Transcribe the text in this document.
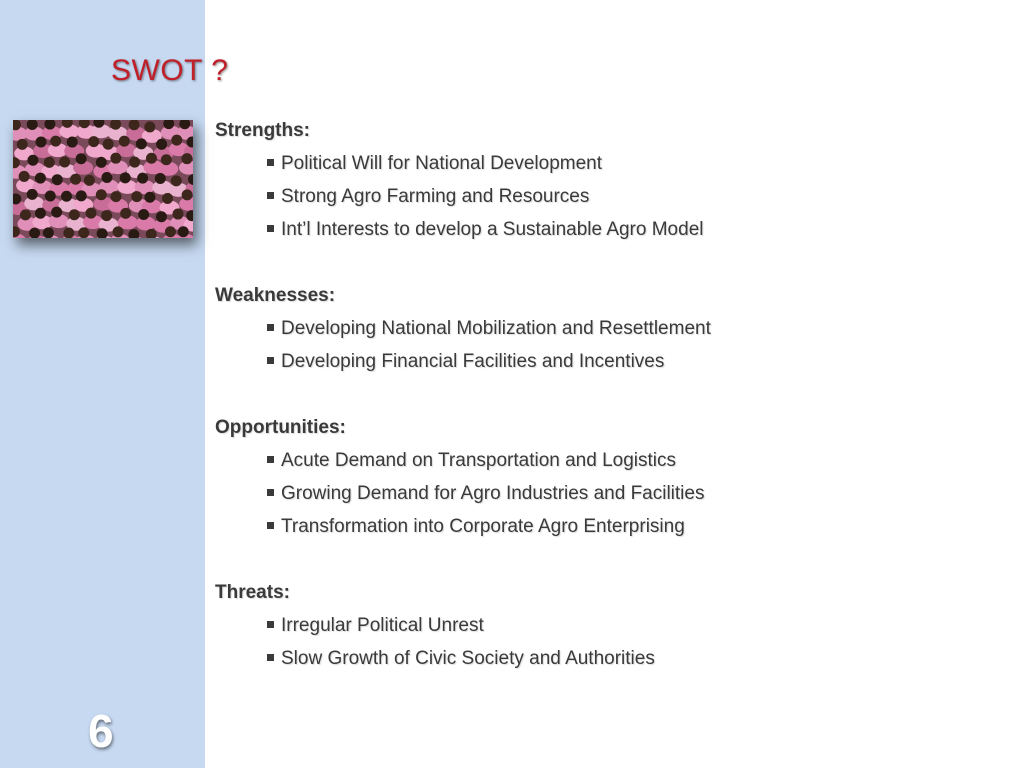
SWOT ?
Strengths:
Political Will for National Development
Strong Agro Farming and Resources
Int’l Interests to develop a Sustainable Agro Model
Weaknesses:
Developing National Mobilization and Resettlement
Developing Financial Facilities and Incentives
Opportunities:
Acute Demand on Transportation and Logistics
Growing Demand for Agro Industries and Facilities
Transformation into Corporate Agro Enterprising
Threats:
Irregular Political Unrest
Slow Growth of Civic Society and Authorities
6
